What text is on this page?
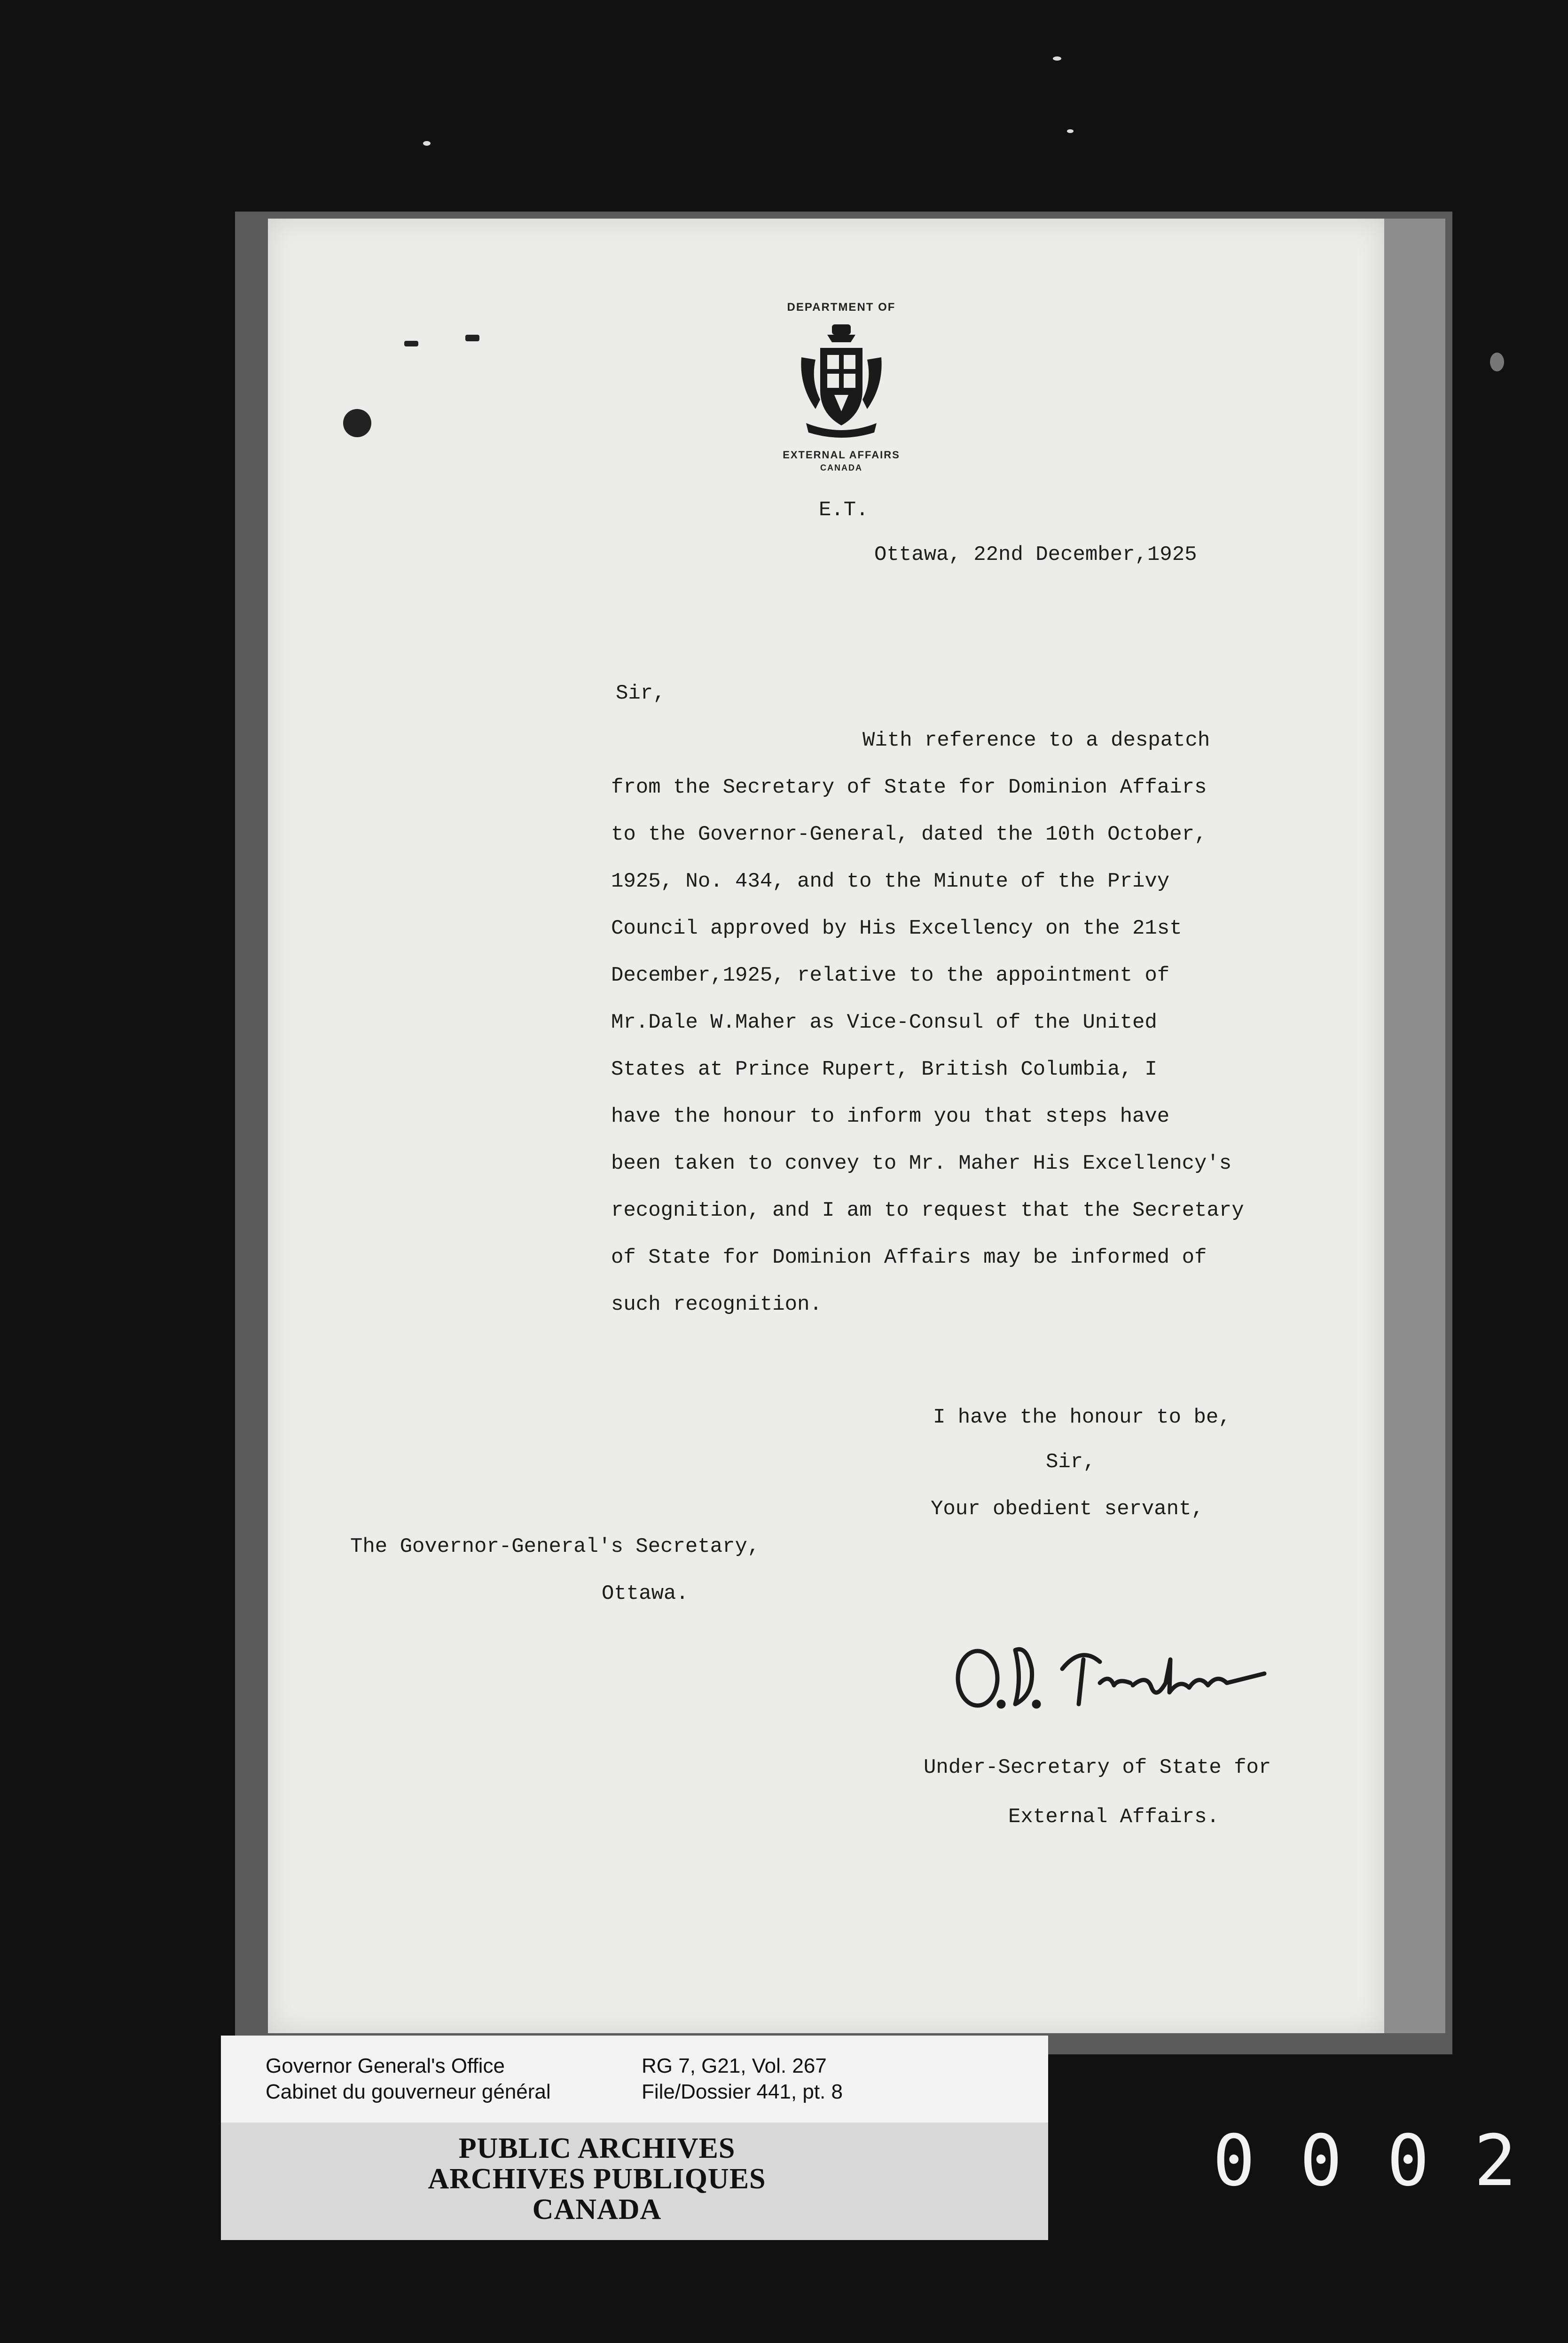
DEPARTMENT OF
EXTERNAL AFFAIRS
CANADA
E.T.
Ottawa, 22nd December,1925
Sir,
With reference to a despatch
from the Secretary of State for Dominion Affairs
to the Governor-General, dated the 10th October,
1925, No. 434, and to the Minute of the Privy
Council approved by His Excellency on the 21st
December,1925, relative to the appointment of
Mr.Dale W.Maher as Vice-Consul of the United
States at Prince Rupert, British Columbia, I
have the honour to inform you that steps have
been taken to convey to Mr. Maher His Excellency's
recognition, and I am to request that the Secretary
of State for Dominion Affairs may be informed of
such recognition.
I have the honour to be,
Sir,
Your obedient servant,
The Governor-General's Secretary,
Ottawa.
Under-Secretary of State for
External Affairs.
Governor General's Office
Cabinet du gouverneur général
RG 7, G21, Vol. 267
File/Dossier 441, pt. 8
PUBLIC ARCHIVES
ARCHIVES PUBLIQUES
CANADA
0002
